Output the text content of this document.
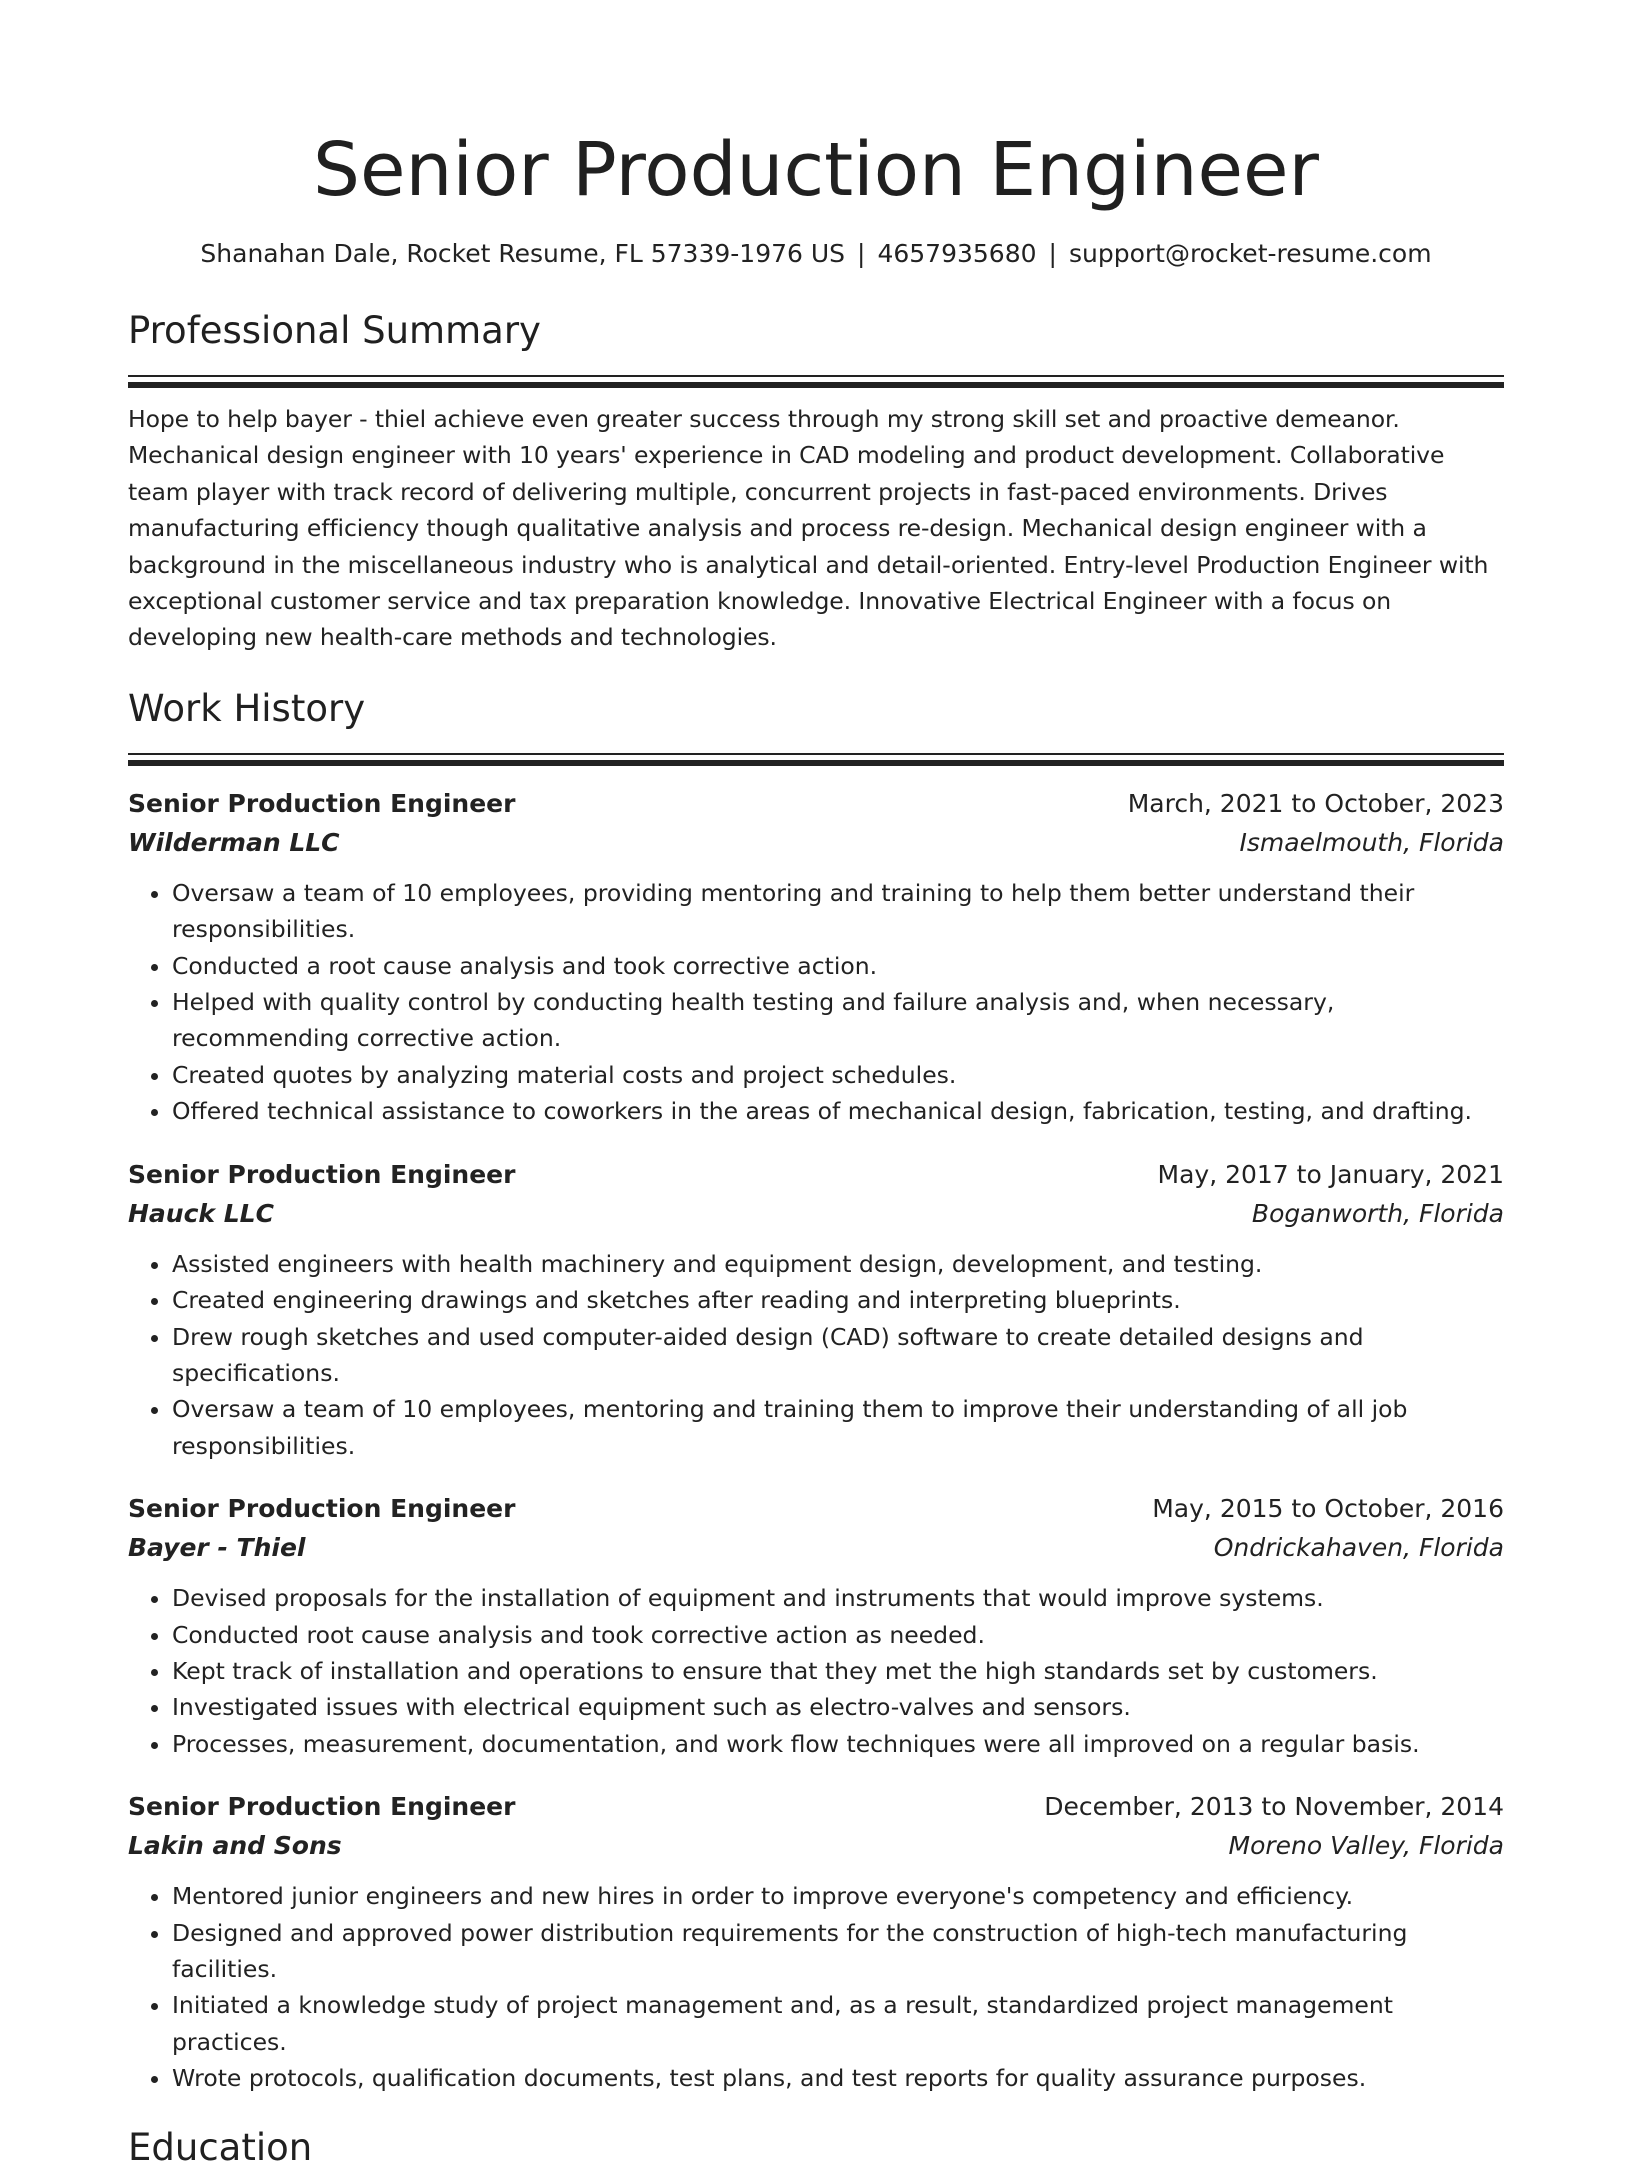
Senior Production Engineer
Shanahan Dale, Rocket Resume, FL 57339-1976 US | 4657935680 | support@rocket-resume.com
Professional Summary

Hope to help bayer - thiel achieve even greater success through my strong skill set and proactive demeanor. Mechanical design engineer with 10 years' experience in CAD modeling and product development. Collaborative team player with track record of delivering multiple, concurrent projects in fast-paced environments. Drives manufacturing efficiency though qualitative analysis and process re-design. Mechanical design engineer with a background in the miscellaneous industry who is analytical and detail-oriented. Entry-level Production Engineer with exceptional customer service and tax preparation knowledge. Innovative Electrical Engineer with a focus on developing new health-care methods and technologies.

Work History
Senior Production Engineer	March, 2021 to October, 2023
Wilderman LLC	Ismaelmouth, Florida
• Oversaw a team of 10 employees, providing mentoring and training to help them better understand their responsibilities.
• Conducted a root cause analysis and took corrective action.
• Helped with quality control by conducting health testing and failure analysis and, when necessary, recommending corrective action.
• Created quotes by analyzing material costs and project schedules.
• Offered technical assistance to coworkers in the areas of mechanical design, fabrication, testing, and drafting.
Senior Production Engineer	May, 2017 to January, 2021
Hauck LLC	Boganworth, Florida
• Assisted engineers with health machinery and equipment design, development, and testing.
• Created engineering drawings and sketches after reading and interpreting blueprints.
• Drew rough sketches and used computer-aided design (CAD) software to create detailed designs and specifications.
• Oversaw a team of 10 employees, mentoring and training them to improve their understanding of all job responsibilities.
Senior Production Engineer	May, 2015 to October, 2016
Bayer - Thiel	Ondrickahaven, Florida
• Devised proposals for the installation of equipment and instruments that would improve systems.
• Conducted root cause analysis and took corrective action as needed.
• Kept track of installation and operations to ensure that they met the high standards set by customers.
• Investigated issues with electrical equipment such as electro-valves and sensors.
• Processes, measurement, documentation, and work flow techniques were all improved on a regular basis.
Senior Production Engineer	December, 2013 to November, 2014
Lakin and Sons	Moreno Valley, Florida
• Mentored junior engineers and new hires in order to improve everyone's competency and efficiency.
• Designed and approved power distribution requirements for the construction of high-tech manufacturing facilities.
• Initiated a knowledge study of project management and, as a result, standardized project management practices.
• Wrote protocols, qualification documents, test plans, and test reports for quality assurance purposes.
Education
